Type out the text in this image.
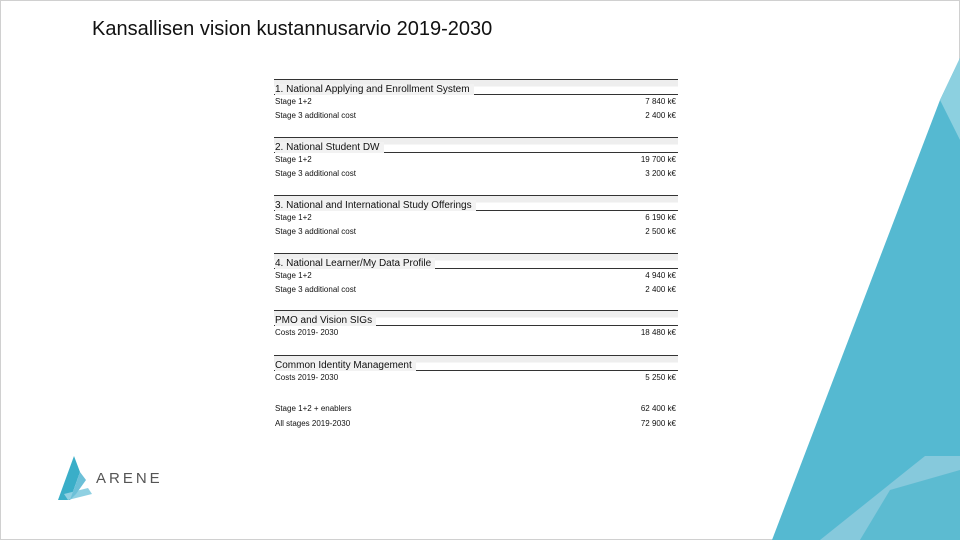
Kansallisen vision kustannusarvio 2019-2030
1. National Applying and Enrollment System
Stage 1+2	7 840 k€
Stage 3 additional cost	2 400 k€
2. National Student DW
Stage 1+2	19 700 k€
Stage 3 additional cost	3 200 k€
3. National and International Study Offerings
Stage 1+2	6 190 k€
Stage 3 additional cost	2 500 k€
4. National Learner/My Data Profile
Stage 1+2	4 940 k€
Stage 3 additional cost	2 400 k€
PMO and Vision SIGs
Costs 2019- 2030	18 480 k€
Common Identity Management
Costs 2019- 2030	5 250 k€
Stage 1+2 + enablers	62 400 k€
All stages 2019-2030	72 900 k€
ARENE
